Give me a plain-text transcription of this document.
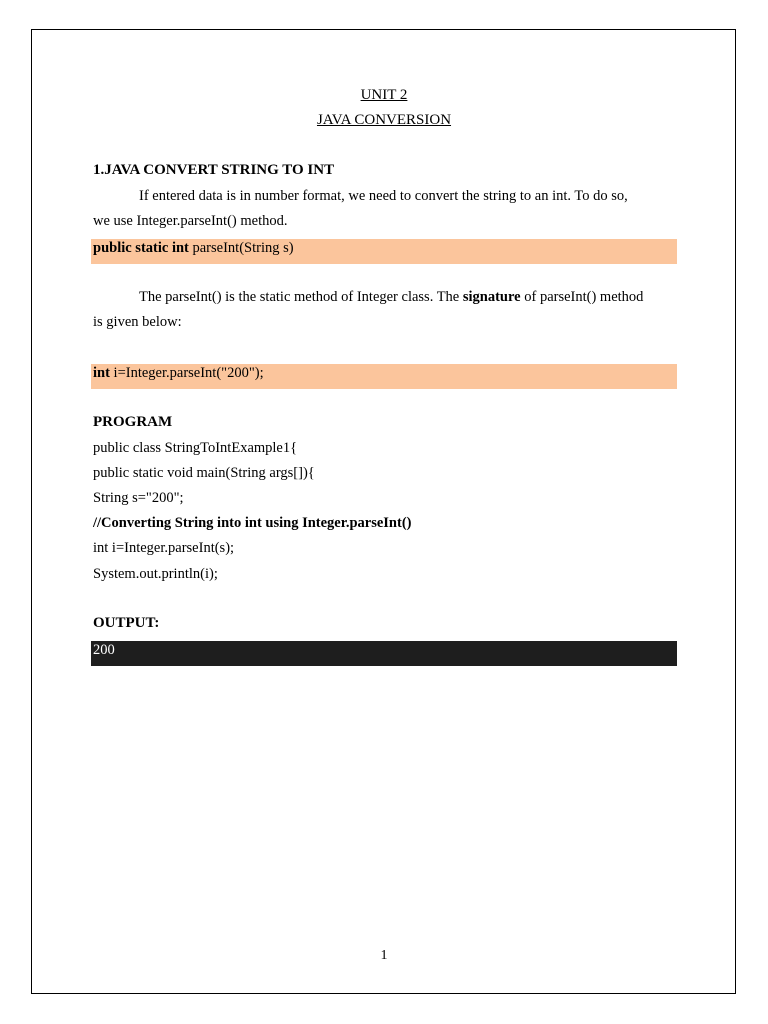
UNIT 2
JAVA CONVERSION
1.JAVA CONVERT STRING TO INT
If entered data is in number format, we need to convert the string to an int. To do so,
we use Integer.parseInt() method.
public static int parseInt(String s)
The parseInt() is the static method of Integer class. The signature of parseInt() method
is given below:
int i=Integer.parseInt("200");
PROGRAM
public class StringToIntExample1{
public static void main(String args[]){
String s="200";
//Converting String into int using Integer.parseInt()
int i=Integer.parseInt(s);
System.out.println(i);
OUTPUT:
200
1
